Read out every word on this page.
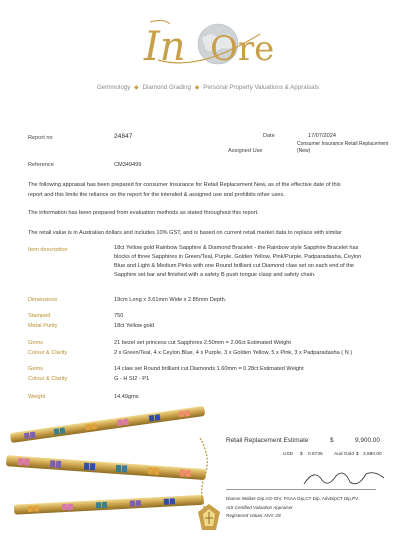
In Ore
Gemmology ◆ Diamond Grading ◆ Personal Property Valuations & Appraisals
Report no	24847	Date	17/07/2024
Assigned Use
Consumer Insurance Retail Replacement
(New)
Reference	CM349499
The following appraisal has been prepared for consumer Insurance for Retail Replacement New, as of the effective date of this
report and this limits the reliance on the report for the intended & assigned use and prohibits other uses.
The information has been prepared from evaluation methods as stated throughout this report.
The retail value is in Australian dollars and includes 10% GST, and is based on current retail market data to replace with similar
Item description	18ct Yellow gold Rainbow Sapphire & Diamond Bracelet - the Rainbow style Sapphire Bracelet has
blocks of three Sapphires in Green/Teal, Purple, Golden Yellow, Pink/Purple, Padparadasha, Ceylon
Blue and Light & Medium Pinks with one Round brilliant cut Diamond claw set on each end of the
Sapphire set bar and finished with a safety B push tongue clasp and safety chain.
Dimensions	19cm Long x 3.61mm Wide x 2.85mm Depth.
Stamped	750
Metal Purity	18ct Yellow gold
Gems	21 bezel set princess cut Sapphires 2.50mm = 2.06ct Estimated Weight
Colour & Clarity	2 x Green/Teal, 4 x Ceylon Blue, 4 x Purple, 3 x Golden Yellow, 5 x Pink, 3 x Padparadasha ( N )
Gems	14 claw set Round brilliant cut Diamonds 1.60mm = 0.28ct Estimated Weight
Colour & Clarity	G - H SI2 - P1
Weight	14.49gms
Retail Replacement Estimate	$	9,900.00
USD $ 0.6735 Aud Gold $ 3,880.00
Dianne Walker Dip.AG-GIV, FGAA Dip,CT Dip, AdvDipCT Dip,PV.
AIS Certified Valuation Appraiser
Registered Valuer AIVs' 28
